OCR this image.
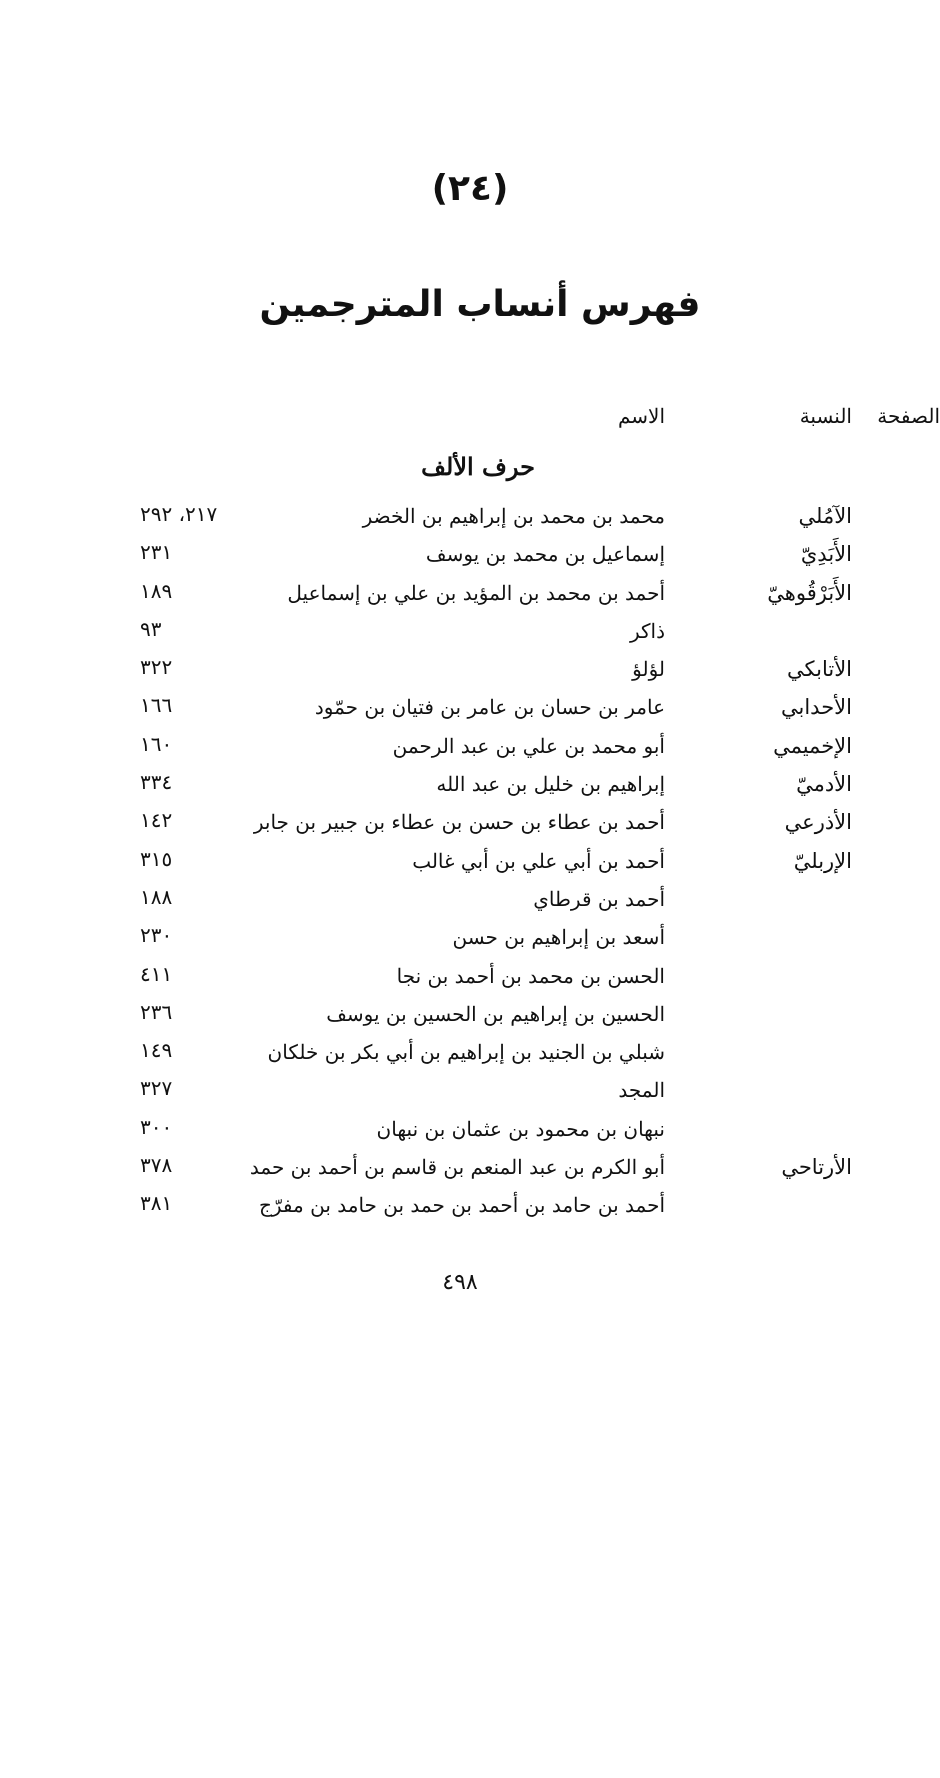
(٢٤)
فهرس أنساب المترجمين
النسبة
الاسم	الصفحة
حرف الألف
الآمُلي
محمد بن محمد بن إبراهيم بن الخضر
٢١٧، ٢٩٢
الأَبَدِيّ
إسماعيل بن محمد بن يوسف
٢٣١
الأَبَرْقُوهيّ
أحمد بن محمد بن المؤيد بن علي بن إسماعيل
١٨٩
ذاكر
٩٣
الأتابكي
لؤلؤ
٣٢٢
الأحدابي
عامر بن حسان بن عامر بن فتيان بن حمّود
١٦٦
الإخميمي
أبو محمد بن علي بن عبد الرحمن
١٦٠
الأدميّ
إبراهيم بن خليل بن عبد الله
٣٣٤
الأذرعي
أحمد بن عطاء بن حسن بن عطاء بن جبير بن جابر
١٤٢
الإربليّ
أحمد بن أبي علي بن أبي غالب
٣١٥
أحمد بن قرطاي
١٨٨
أسعد بن إبراهيم بن حسن
٢٣٠
الحسن بن محمد بن أحمد بن نجا
٤١١
الحسين بن إبراهيم بن الحسين بن يوسف
٢٣٦
شبلي بن الجنيد بن إبراهيم بن أبي بكر بن خلكان
١٤٩
المجد
٣٢٧
نبهان بن محمود بن عثمان بن نبهان
٣٠٠
الأرتاحي
أبو الكرم بن عبد المنعم بن قاسم بن أحمد بن حمد
٣٧٨
أحمد بن حامد بن أحمد بن حمد بن حامد بن مفرّج
٣٨١
٤٩٨
